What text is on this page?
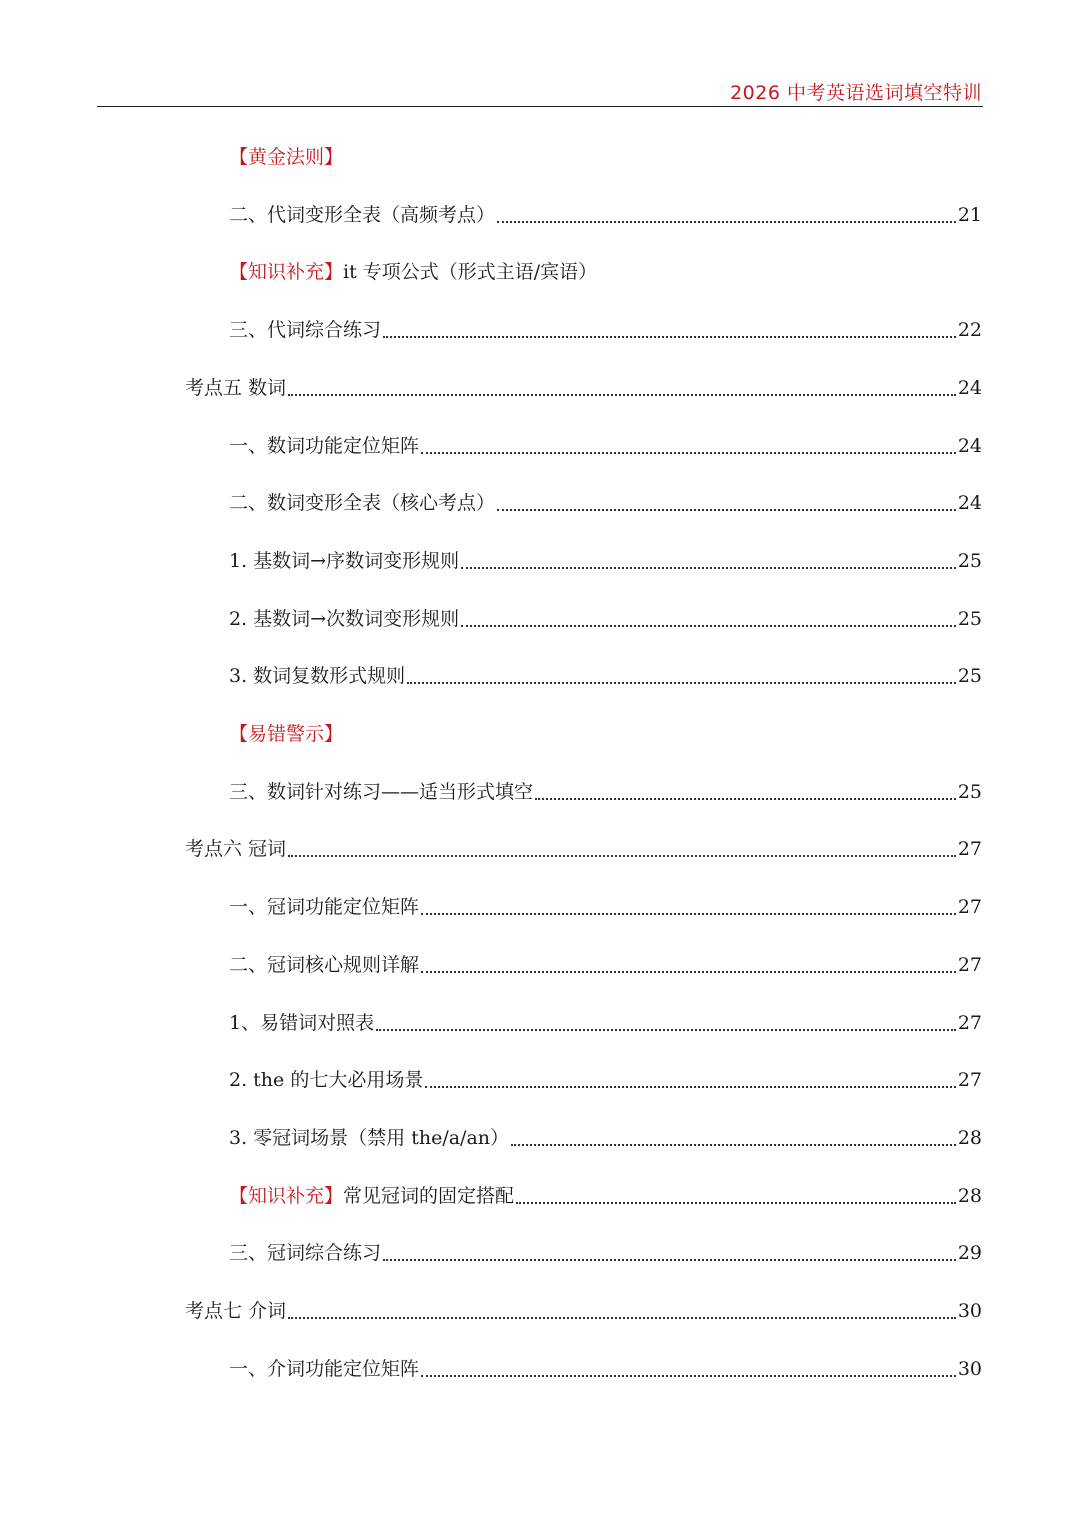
2026 中考英语选词填空特训
【黄金法则】
二、代词变形全表（高频考点）	21
【知识补充】 it 专项公式（形式主语/宾语）
三、代词综合练习	22
考点五 数词	24
一、数词功能定位矩阵	24
二、数词变形全表（核心考点）	24
1. 基数词→序数词变形规则	25
2. 基数词→次数词变形规则	25
3. 数词复数形式规则	25
【易错警示】
三、数词针对练习——适当形式填空	25
考点六 冠词	27
一、冠词功能定位矩阵	27
二、冠词核心规则详解	27
1、易错词对照表	27
2. the 的七大必用场景	27
3. 零冠词场景（禁用 the/a/an）	28
【知识补充】 常见冠词的固定搭配	28
三、冠词综合练习	29
考点七 介词	30
一、介词功能定位矩阵	30
